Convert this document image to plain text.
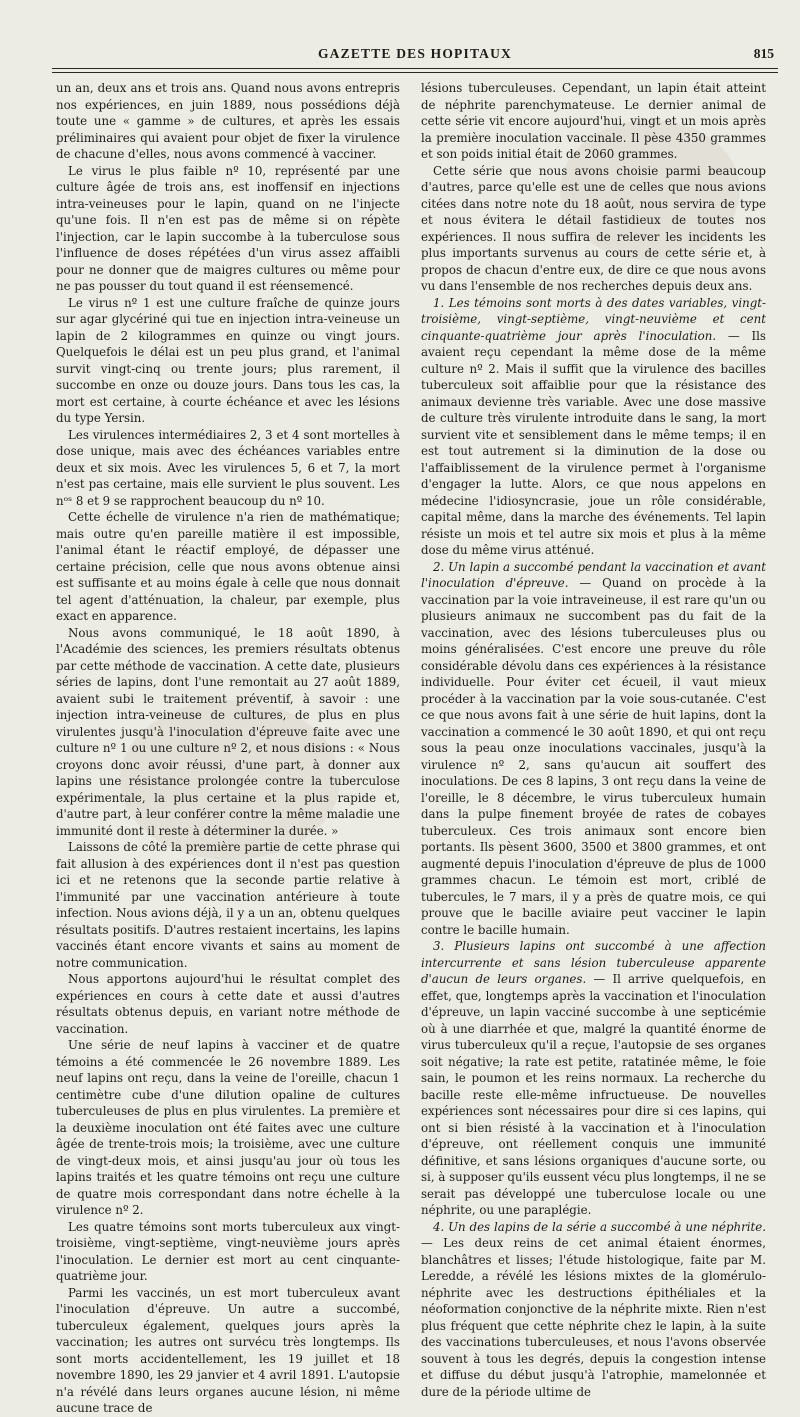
GAZETTE DES HOPITAUX	815

un an, deux ans et trois ans. Quand nous avons entrepris nos expériences, en juin 1889, nous possédions déjà toute une « gamme » de cultures, et après les essais préliminaires qui avaient pour objet de fixer la virulence de chacune d'elles, nous avons commencé à vacciner.

Le virus le plus faible nº 10, représenté par une culture âgée de trois ans, est inoffensif en injections intra-veineuses pour le lapin, quand on ne l'injecte qu'une fois. Il n'en est pas de même si on répète l'injection, car le lapin succombe à la tuberculose sous l'influence de doses répétées d'un virus assez affaibli pour ne donner que de maigres cultures ou même pour ne pas pousser du tout quand il est réensemencé.

Le virus nº 1 est une culture fraîche de quinze jours sur agar glycériné qui tue en injection intra-veineuse un lapin de 2 kilogrammes en quinze ou vingt jours. Quelquefois le délai est un peu plus grand, et l'animal survit vingt-cinq ou trente jours; plus rarement, il succombe en onze ou douze jours. Dans tous les cas, la mort est certaine, à courte échéance et avec les lésions du type Yersin.

Les virulences intermédiaires 2, 3 et 4 sont mortelles à dose unique, mais avec des échéances variables entre deux et six mois. Avec les virulences 5, 6 et 7, la mort n'est pas certaine, mais elle survient le plus souvent. Les nᵒˢ 8 et 9 se rapprochent beaucoup du nº 10.

Cette échelle de virulence n'a rien de mathématique; mais outre qu'en pareille matière il est impossible, l'animal étant le réactif employé, de dépasser une certaine précision, celle que nous avons obtenue ainsi est suffisante et au moins égale à celle que nous donnait tel agent d'atténuation, la chaleur, par exemple, plus exact en apparence.

Nous avons communiqué, le 18 août 1890, à l'Académie des sciences, les premiers résultats obtenus par cette méthode de vaccination. A cette date, plusieurs séries de lapins, dont l'une remontait au 27 août 1889, avaient subi le traitement préventif, à savoir : une injection intra-veineuse de cultures, de plus en plus virulentes jusqu'à l'inoculation d'épreuve faite avec une culture nº 1 ou une culture nº 2, et nous disions : « Nous croyons donc avoir réussi, d'une part, à donner aux lapins une résistance prolongée contre la tuberculose expérimentale, la plus certaine et la plus rapide et, d'autre part, à leur conférer contre la même maladie une immunité dont il reste à déterminer la durée. »

Laissons de côté la première partie de cette phrase qui fait allusion à des expériences dont il n'est pas question ici et ne retenons que la seconde partie relative à l'immunité par une vaccination antérieure à toute infection. Nous avions déjà, il y a un an, obtenu quelques résultats positifs. D'autres restaient incertains, les lapins vaccinés étant encore vivants et sains au moment de notre communication.

Nous apportons aujourd'hui le résultat complet des expériences en cours à cette date et aussi d'autres résultats obtenus depuis, en variant notre méthode de vaccination.

Une série de neuf lapins à vacciner et de quatre témoins a été commencée le 26 novembre 1889. Les neuf lapins ont reçu, dans la veine de l'oreille, chacun 1 centimètre cube d'une dilution opaline de cultures tuberculeuses de plus en plus virulentes. La première et la deuxième inoculation ont été faites avec une culture âgée de trente-trois mois; la troisième, avec une culture de vingt-deux mois, et ainsi jusqu'au jour où tous les lapins traités et les quatre témoins ont reçu une culture de quatre mois correspondant dans notre échelle à la virulence nº 2.

Les quatre témoins sont morts tuberculeux aux vingt-troisième, vingt-septième, vingt-neuvième jours après l'inoculation. Le dernier est mort au cent cinquante-quatrième jour.

Parmi les vaccinés, un est mort tuberculeux avant l'inoculation d'épreuve. Un autre a succombé, tuberculeux également, quelques jours après la vaccination; les autres ont survécu très longtemps. Ils sont morts accidentellement, les 19 juillet et 18 novembre 1890, les 29 janvier et 4 avril 1891. L'autopsie n'a révélé dans leurs organes aucune lésion, ni même aucune trace de

lésions tuberculeuses. Cependant, un lapin était atteint de néphrite parenchymateuse. Le dernier animal de cette série vit encore aujourd'hui, vingt et un mois après la première inoculation vaccinale. Il pèse 4350 grammes et son poids initial était de 2060 grammes.

Cette série que nous avons choisie parmi beaucoup d'autres, parce qu'elle est une de celles que nous avions citées dans notre note du 18 août, nous servira de type et nous évitera le détail fastidieux de toutes nos expériences. Il nous suffira de relever les incidents les plus importants survenus au cours de cette série et, à propos de chacun d'entre eux, de dire ce que nous avons vu dans l'ensemble de nos recherches depuis deux ans.

1. Les témoins sont morts à des dates variables, vingt-troisième, vingt-septième, vingt-neuvième et cent cinquante-quatrième jour après l'inoculation. — Ils avaient reçu cependant la même dose de la même culture nº 2. Mais il suffit que la virulence des bacilles tuberculeux soit affaiblie pour que la résistance des animaux devienne très variable. Avec une dose massive de culture très virulente introduite dans le sang, la mort survient vite et sensiblement dans le même temps; il en est tout autrement si la diminution de la dose ou l'affaiblissement de la virulence permet à l'organisme d'engager la lutte. Alors, ce que nous appelons en médecine l'idiosyncrasie, joue un rôle considérable, capital même, dans la marche des événements. Tel lapin résiste un mois et tel autre six mois et plus à la même dose du même virus atténué.

2. Un lapin a succombé pendant la vaccination et avant l'inoculation d'épreuve. — Quand on procède à la vaccination par la voie intraveineuse, il est rare qu'un ou plusieurs animaux ne succombent pas du fait de la vaccination, avec des lésions tuberculeuses plus ou moins généralisées. C'est encore une preuve du rôle considérable dévolu dans ces expériences à la résistance individuelle. Pour éviter cet écueil, il vaut mieux procéder à la vaccination par la voie sous-cutanée. C'est ce que nous avons fait à une série de huit lapins, dont la vaccination a commencé le 30 août 1890, et qui ont reçu sous la peau onze inoculations vaccinales, jusqu'à la virulence nº 2, sans qu'aucun ait souffert des inoculations. De ces 8 lapins, 3 ont reçu dans la veine de l'oreille, le 8 décembre, le virus tuberculeux humain dans la pulpe finement broyée de rates de cobayes tuberculeux. Ces trois animaux sont encore bien portants. Ils pèsent 3600, 3500 et 3800 grammes, et ont augmenté depuis l'inoculation d'épreuve de plus de 1000 grammes chacun. Le témoin est mort, criblé de tubercules, le 7 mars, il y a près de quatre mois, ce qui prouve que le bacille aviaire peut vacciner le lapin contre le bacille humain.

3. Plusieurs lapins ont succombé à une affection intercurrente et sans lésion tuberculeuse apparente d'aucun de leurs organes. — Il arrive quelquefois, en effet, que, longtemps après la vaccination et l'inoculation d'épreuve, un lapin vacciné succombe à une septicémie où à une diarrhée et que, malgré la quantité énorme de virus tuberculeux qu'il a reçue, l'autopsie de ses organes soit négative; la rate est petite, ratatinée même, le foie sain, le poumon et les reins normaux. La recherche du bacille reste elle-même infructueuse. De nouvelles expériences sont nécessaires pour dire si ces lapins, qui ont si bien résisté à la vaccination et à l'inoculation d'épreuve, ont réellement conquis une immunité définitive, et sans lésions organiques d'aucune sorte, ou si, à supposer qu'ils eussent vécu plus longtemps, il ne se serait pas développé une tuberculose locale ou une néphrite, ou une paraplégie.

4. Un des lapins de la série a succombé à une néphrite. — Les deux reins de cet animal étaient énormes, blanchâtres et lisses; l'étude histologique, faite par M. Leredde, a révélé les lésions mixtes de la glomérulo-néphrite avec les destructions épithéliales et la néoformation conjonctive de la néphrite mixte. Rien n'est plus fréquent que cette néphrite chez le lapin, à la suite des vaccinations tuberculeuses, et nous l'avons observée souvent à tous les degrés, depuis la congestion intense et diffuse du début jusqu'à l'atrophie, mamelonnée et dure de la période ultime de
